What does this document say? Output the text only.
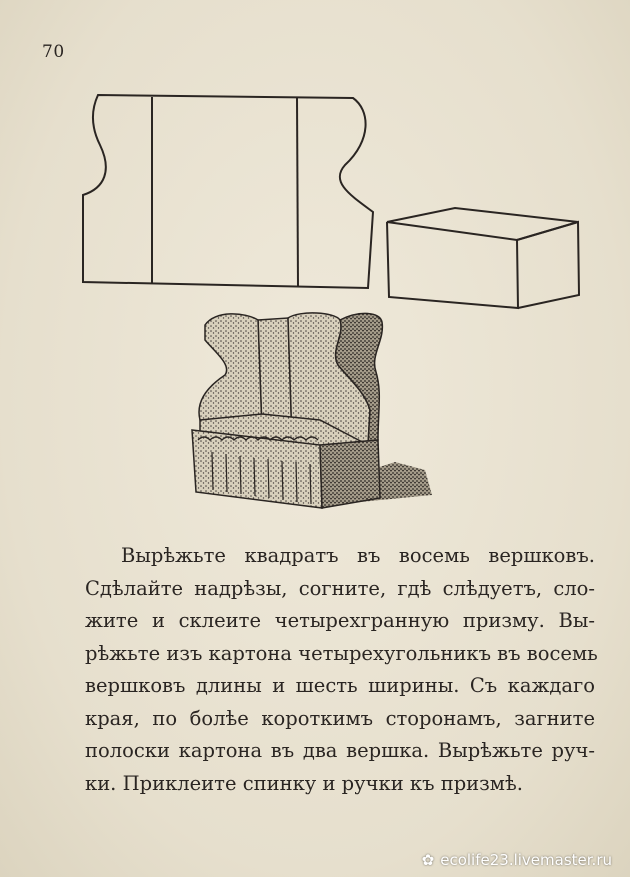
70
Вырѣжьте квадратъ въ восемь вершковъ.
Сдѣлайте надрѣзы, согните, гдѣ слѣдуетъ, сло-
жите и склеите четырехгранную призму. Вы-
рѣжьте изъ картона четырехугольникъ въ восемь
вершковъ длины и шесть ширины. Съ каждаго
края, по болѣе короткимъ сторонамъ, загните
полоски картона въ два вершка. Вырѣжьте руч-
ки. Приклеите спинку и ручки къ призмѣ.
✿ ecolife23.livemaster.ru
